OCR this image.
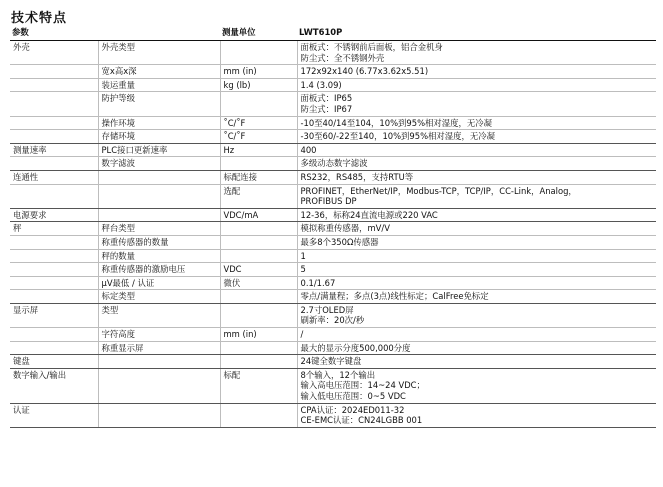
技术特点
参数		测量单位	LWT610P
外壳	外壳类型		面板式：不锈钢前后面板，铝合金机身
防尘式：全不锈钢外壳

	宽x高x深	mm (in)	172x92x140 (6.77x3.62x5.51)

	装运重量	kg (lb)	1.4 (3.09)

	防护等级		面板式：IP65
防尘式：IP67

	操作环境	˚C/˚F	-10至40/14至104，10%到95%相对湿度，无冷凝

	存储环境	˚C/˚F	-30至60/-22至140，10%到95%相对湿度，无冷凝

测量速率	PLC接口更新速率	Hz	400

	数字滤波		多级动态数字滤波

连通性		标配连接	RS232，RS485，支持RTU等

		选配	PROFINET，EtherNet/IP，Modbus-TCP，TCP/IP，CC-Link，Analog，
PROFIBUS DP

电源要求		VDC/mA	12-36，标称24直流电源或220 VAC

秤	秤台类型		模拟称重传感器，mV/V

	称重传感器的数量		最多8个350Ω传感器

	秤的数量		1

	称重传感器的激励电压	VDC	5

	μV最低 / 认证	微伏	0.1/1.67

	标定类型		零点/满量程；多点(3点)线性标定；CalFree免标定

显示屏	类型		2.7寸OLED屏
刷新率：20次/秒

	字符高度	mm (in)	/

	称重显示屏		最大的显示分度500,000分度

键盘			24键全数字键盘

数字输入/输出		标配	8个输入，12个输出
输入高电压范围：14~24 VDC；
输入低电压范围：0~5 VDC

认证			CPA认证：2024ED011-32
CE-EMC认证：CN24LGBB 001
